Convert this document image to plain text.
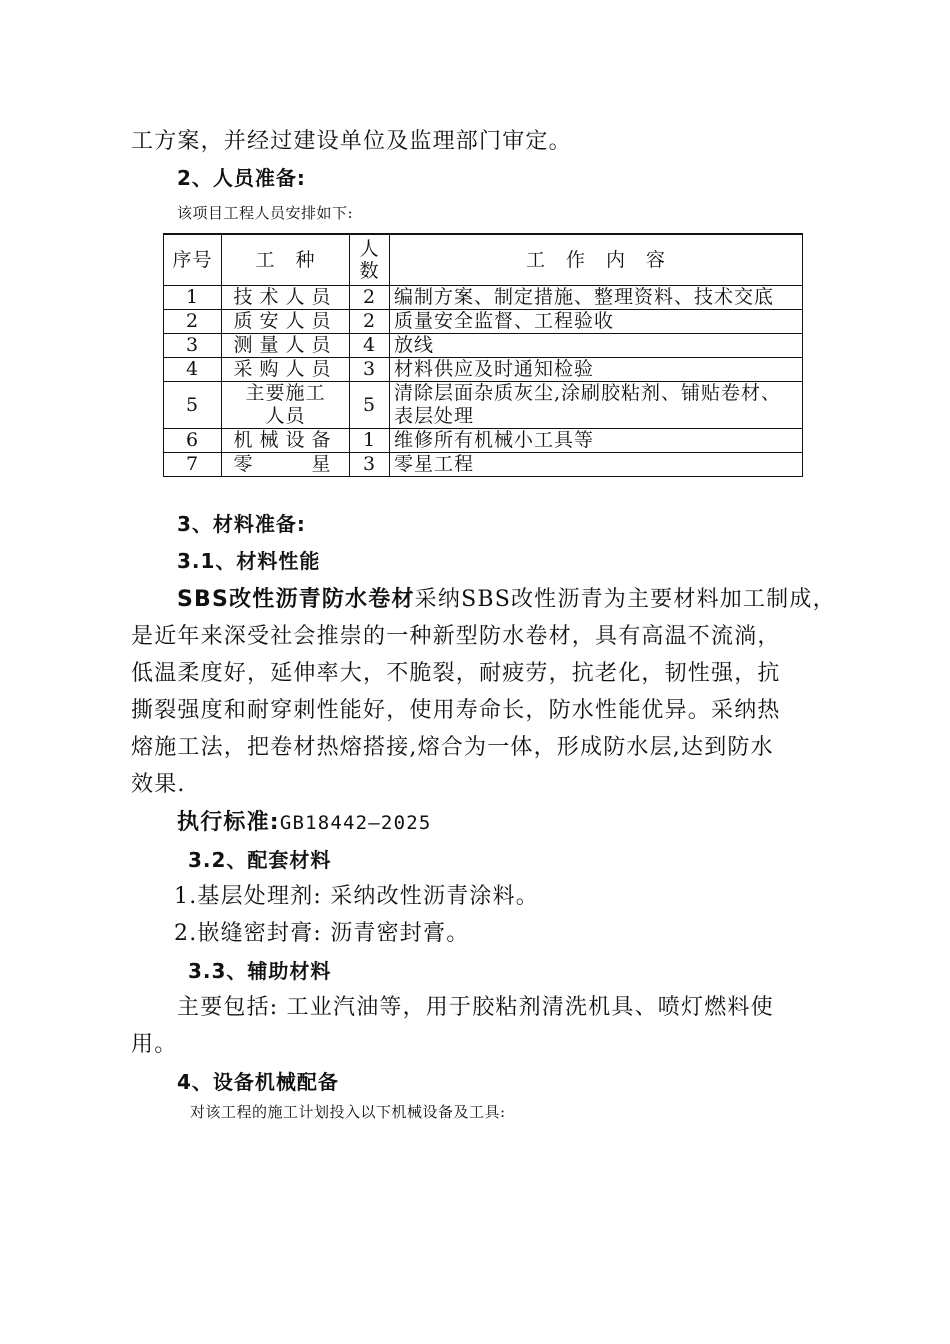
工方案，并经过建设单位及监理部门审定。
2、人员准备:
该项目工程人员安排如下:
序号	工　种	人数	工　作　内　容
1	技术人员	2	编制方案、制定措施、整理资料、技术交底
2	质安人员	2	质量安全监督、工程验收
3	测量人员	4	放线
4	采购人员	3	材料供应及时通知检验
5	主要施工人员	5	清除层面杂质灰尘,涂刷胶粘剂、铺贴卷材、表层处理
6	机械设备	1	维修所有机械小工具等
7	零　　星	3	零星工程
3、材料准备:
3.1、材料性能
SBS改性沥青防水卷材采纳SBS改性沥青为主要材料加工制成，
是近年来深受社会推崇的一种新型防水卷材，具有高温不流淌，
低温柔度好，延伸率大，不脆裂，耐疲劳，抗老化，韧性强，抗
撕裂强度和耐穿刺性能好，使用寿命长，防水性能优异。采纳热
熔施工法，把卷材热熔搭接,熔合为一体，形成防水层,达到防水
效果.
执行标准:GB18442—2025
3.2、配套材料
1.基层处理剂: 采纳改性沥青涂料。
2.嵌缝密封膏: 沥青密封膏。
3.3、辅助材料
主要包括: 工业汽油等，用于胶粘剂清洗机具、喷灯燃料使
用。
4、设备机械配备
对该工程的施工计划投入以下机械设备及工具:
